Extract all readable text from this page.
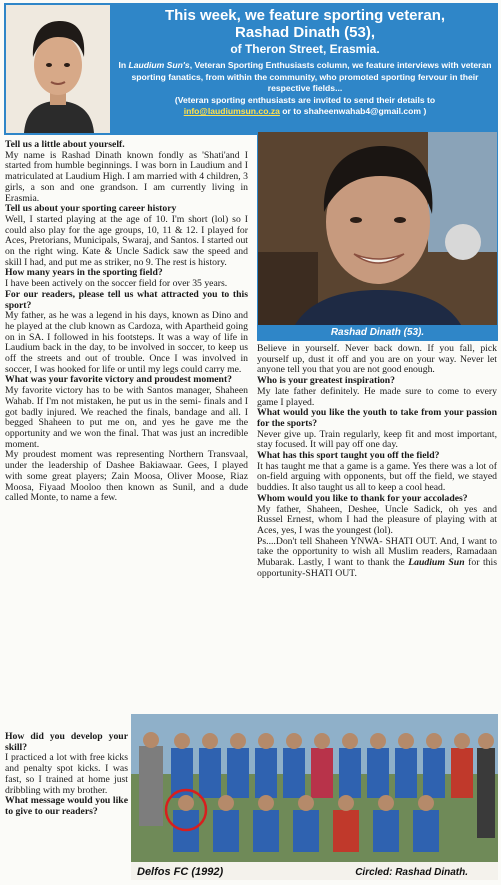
This week, we feature sporting veteran,
Rashad Dinath (53),
of Theron Street, Erasmia.
In Laudium Sun's, Veteran Sporting Enthusiasts column, we feature interviews with veteran sporting fanatics, from within the community, who promoted sporting fervour in their respective fields...
(Veteran sporting enthusiasts are invited to send their details to
info@laudiumsun.co.za or to shaheenwahab4@gmail.com )
Rashad Dinath (53).

Tell us a little about yourself.

My name is Rashad Dinath known fondly as 'Shati'and I started from humble beginnings. I was born in Laudium and I matriculated at Laudium High. I am married with 4 children, 3 girls, a son and one grandson. I am currently living in Erasmia.

Tell us about your sporting career history

Well, I started playing at the age of 10. I'm short (lol) so I could also play for the age groups, 10, 11 & 12. I played for Aces, Pretorians, Municipals, Swaraj, and Santos. I started out on the right wing. Kate & Uncle Sadick saw the speed and skill I had, and put me as striker, no 9. The rest is history.

How many years in the sporting field?

I have been actively on the soccer field for over 35 years.

For our readers, please tell us what attracted you to this sport?

My father, as he was a legend in his days, known as Dino and he played at the club known as Cardoza, with Apartheid going on in SA. I followed in his footsteps. It was a way of life in Laudium back in the day, to be involved in soccer, to keep us off the streets and out of trouble. Once I was involved in soccer, I was hooked for life or until my legs could carry me.

What was your favorite victory and proudest moment?

My favorite victory has to be with Santos manager, Shaheen Wahab. If I'm not mistaken, he put us in the semi- finals and I got badly injured. We reached the finals, bandage and all. I begged Shaheen to put me on, and yes he gave me the opportunity and we won the final. That was just an incredible moment.

My proudest moment was representing Northern Transvaal, under the leadership of Dashee Bakiawaar. Gees, I played with some great players; Zain Moosa, Oliver Moose, Riaz Moosa, Fiyaad Mooloo then known as Sunil, and a dude called Monte, to name a few.

How did you develop your skill?

I practiced a lot with free kicks and penalty spot kicks. I was fast, so I trained at home just dribbling with my brother.

What message would you like to give to our readers?

Believe in yourself. Never back down. If you fall, pick yourself up, dust it off and you are on your way. Never let anyone tell you that you are not good enough.

Who is your greatest inspiration?

My late father definitely. He made sure to come to every game I played.

What would you like the youth to take from your passion for the sports?

Never give up. Train regularly, keep fit and most important, stay focused. It will pay off one day.

What has this sport taught you off the field?

It has taught me that a game is a game. Yes there was a lot of on-field arguing with opponents, but off the field, we stayed buddies. It also taught us all to keep a cool head.

Whom would you like to thank for your accolades?

My father, Shaheen, Deshee, Uncle Sadick, oh yes and Russel Ernest, whom I had the pleasure of playing with at Aces, yes, I was the youngest (lol).

Ps....Don't tell Shaheen YNWA- SHATI OUT. And, I want to take the opportunity to wish all Muslim readers, Ramadaan Mubarak. Lastly, I want to thank the Laudium Sun for this opportunity-SHATI OUT.

Delfos FC (1992)	Circled: Rashad Dinath.
